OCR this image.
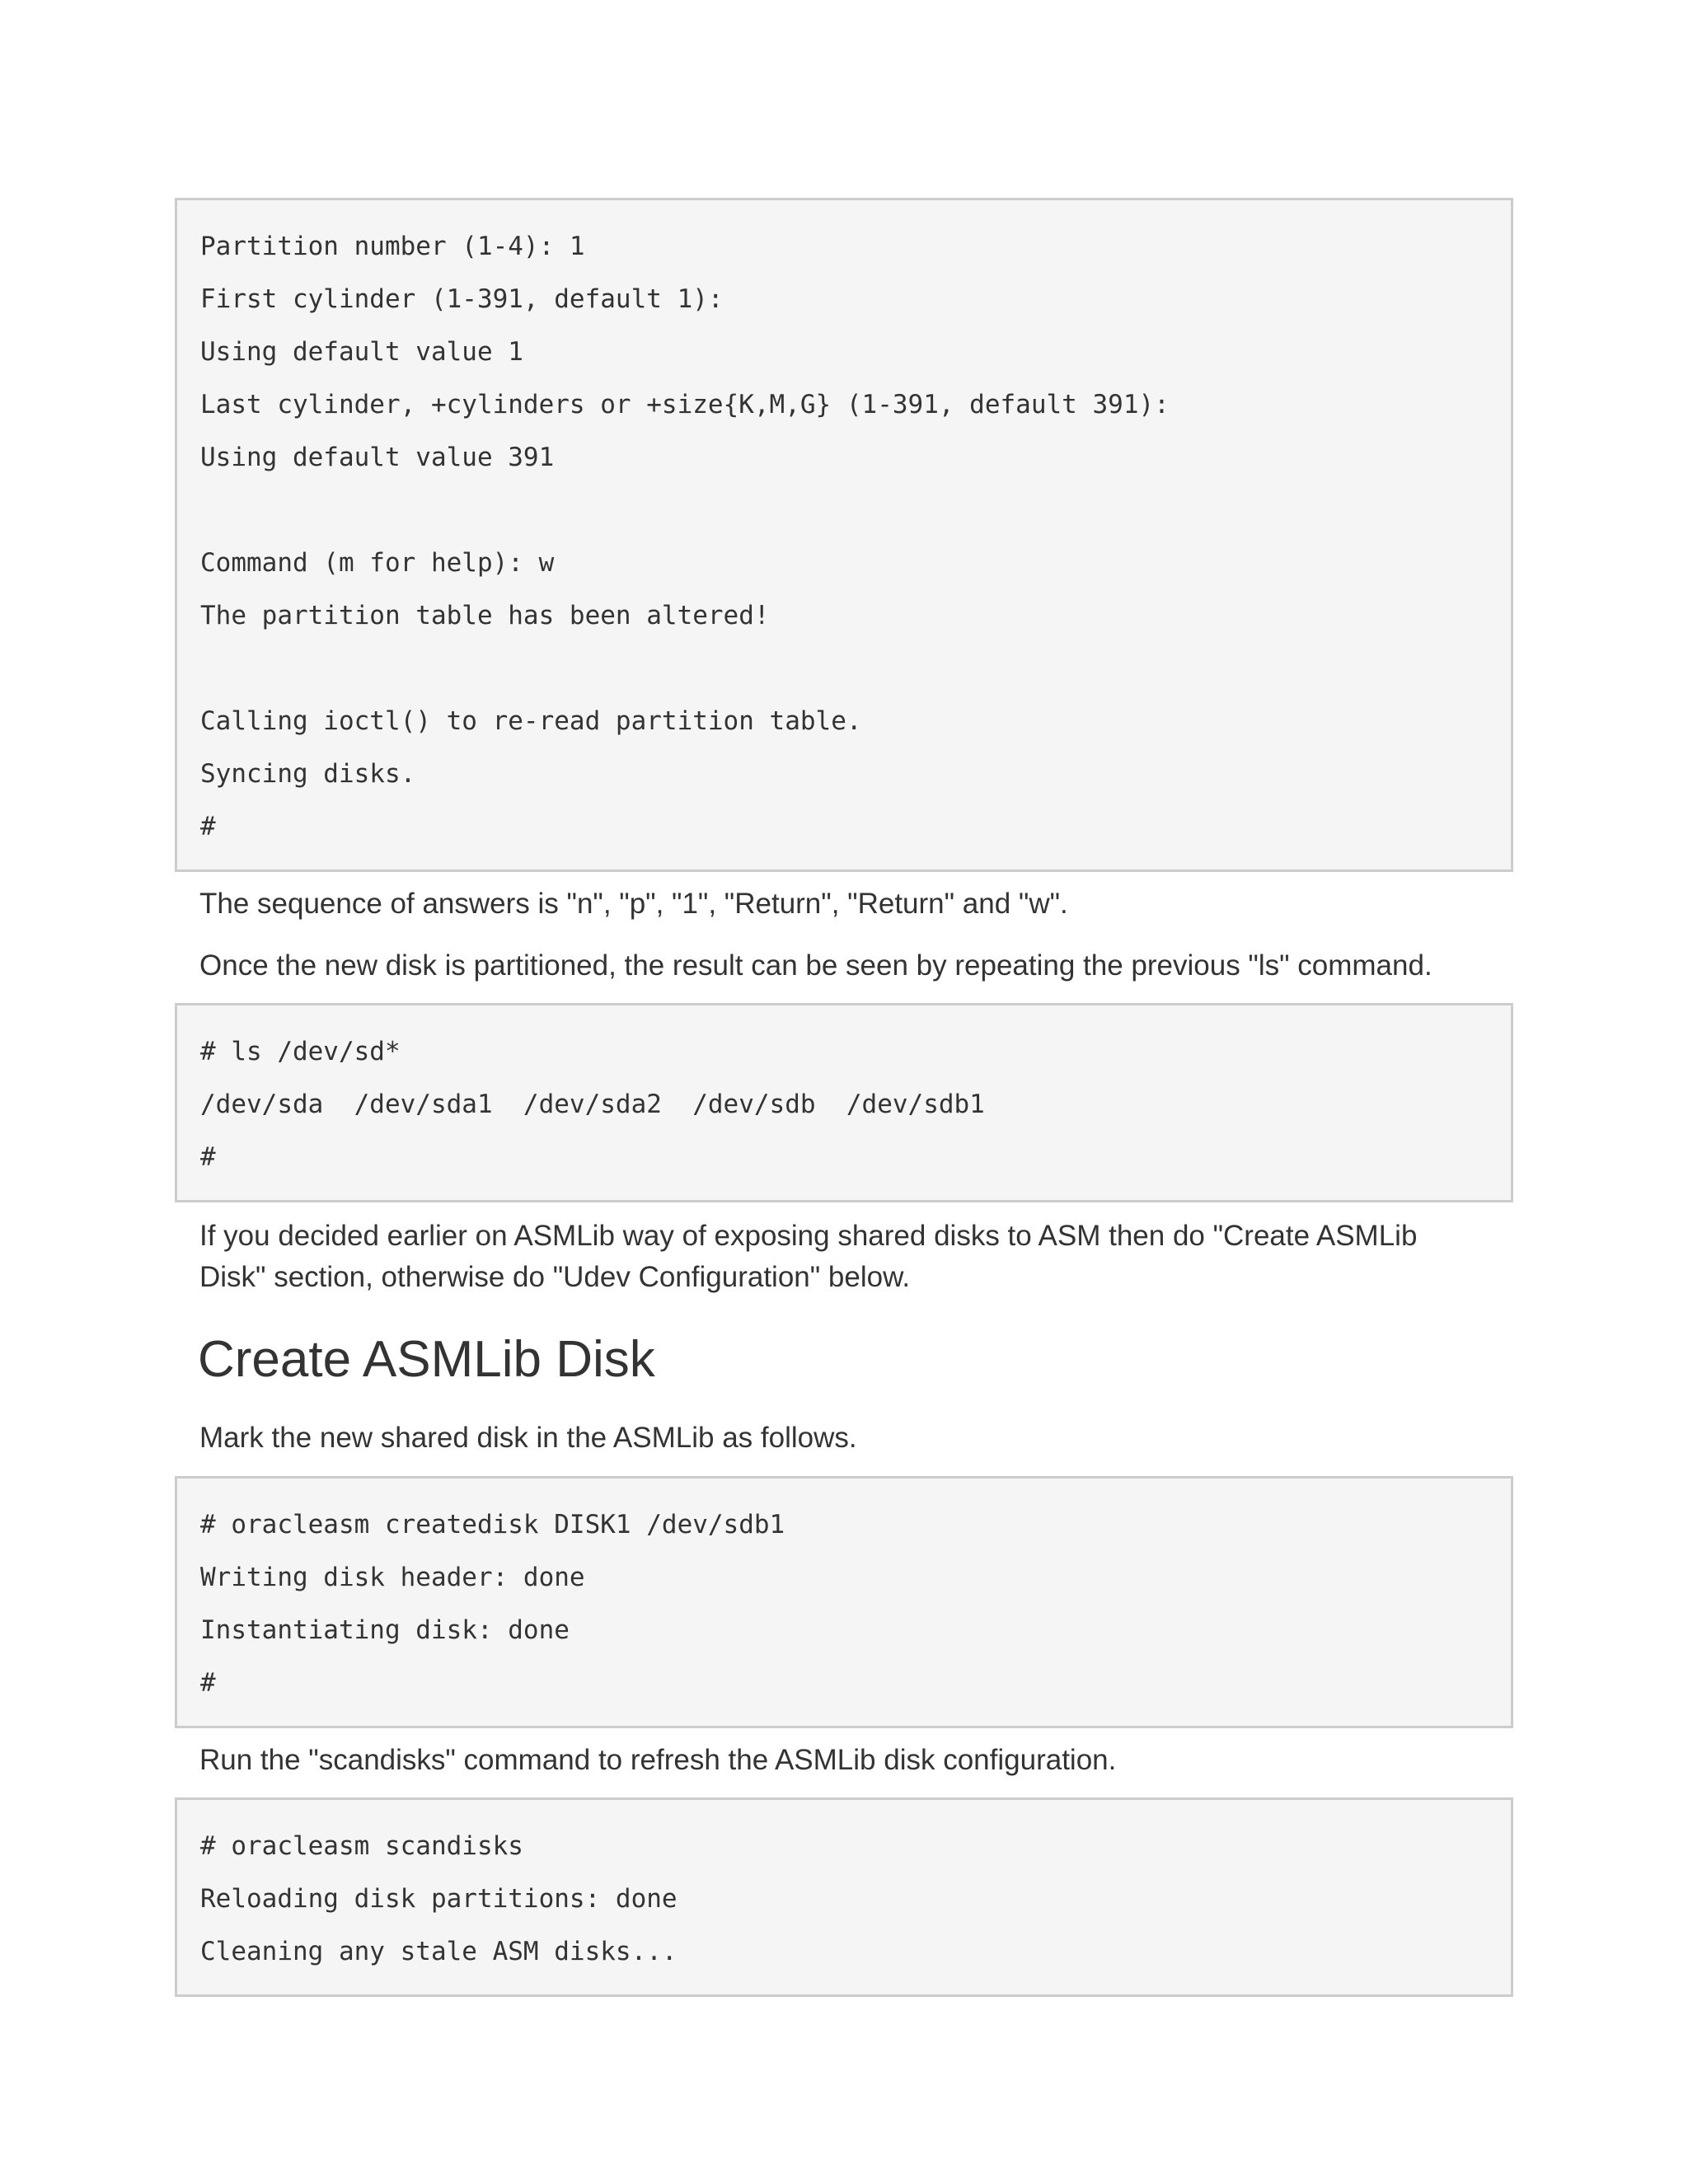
Partition number (1-4): 1
First cylinder (1-391, default 1):
Using default value 1
Last cylinder, +cylinders or +size{K,M,G} (1-391, default 391):
Using default value 391
Command (m for help): w
The partition table has been altered!
Calling ioctl() to re-read partition table.
Syncing disks.
#

The sequence of answers is "n", "p", "1", "Return", "Return" and "w".

Once the new disk is partitioned, the result can be seen by repeating the previous "ls" command.

# ls /dev/sd*
/dev/sda  /dev/sda1  /dev/sda2  /dev/sdb  /dev/sdb1
#

If you decided earlier on ASMLib way of exposing shared disks to ASM then do "Create ASMLib Disk" section, otherwise do "Udev Configuration" below.

Create ASMLib Disk

Mark the new shared disk in the ASMLib as follows.

# oracleasm createdisk DISK1 /dev/sdb1
Writing disk header: done
Instantiating disk: done
#

Run the "scandisks" command to refresh the ASMLib disk configuration.

# oracleasm scandisks
Reloading disk partitions: done
Cleaning any stale ASM disks...
